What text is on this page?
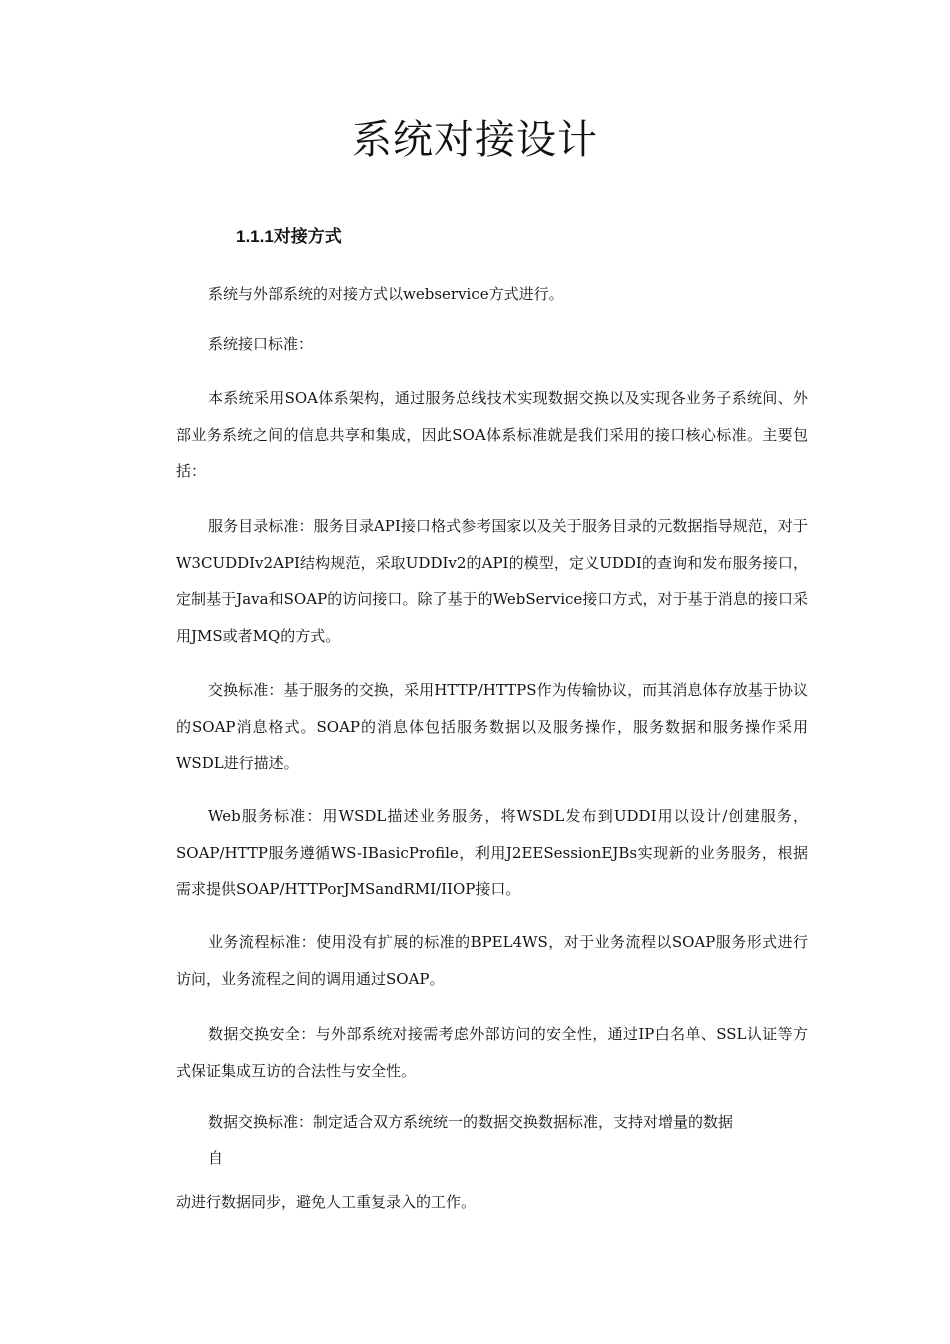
系统对接设计
1.1.1对接方式

系统与外部系统的对接方式以webservice方式进行。

系统接口标准：

本系统采用SOA体系架构，通过服务总线技术实现数据交换以及实现各业务子系统间、外部业务系统之间的信息共享和集成，因此SOA体系标准就是我们采用的接口核心标准。主要包括：

服务目录标准：服务目录API接口格式参考国家以及关于服务目录的元数据指导规范，对于W3CUDDIv2API结构规范，采取UDDIv2的API的模型，定义UDDI的查询和发布服务接口，定制基于Java和SOAP的访问接口。除了基于的WebService接口方式，对于基于消息的接口采用JMS或者MQ的方式。

交换标准：基于服务的交换，采用HTTP/HTTPS作为传输协议，而其消息体存放基于协议的SOAP消息格式。SOAP的消息体包括服务数据以及服务操作，服务数据和服务操作采用WSDL进行描述。

Web服务标准：用WSDL描述业务服务，将WSDL发布到UDDI用以设计/创建服务，SOAP/HTTP服务遵循WS-IBasicProfile，利用J2EESessionEJBs实现新的业务服务，根据需求提供SOAP/HTTPorJMSandRMI/IIOP接口。

业务流程标准：使用没有扩展的标准的BPEL4WS，对于业务流程以SOAP服务形式进行访问，业务流程之间的调用通过SOAP。

数据交换安全：与外部系统对接需考虑外部访问的安全性，通过IP白名单、SSL认证等方式保证集成互访的合法性与安全性。

数据交换标准：制定适合双方系统统一的数据交换数据标准，支持对增量的数据

自

动进行数据同步，避免人工重复录入的工作。
